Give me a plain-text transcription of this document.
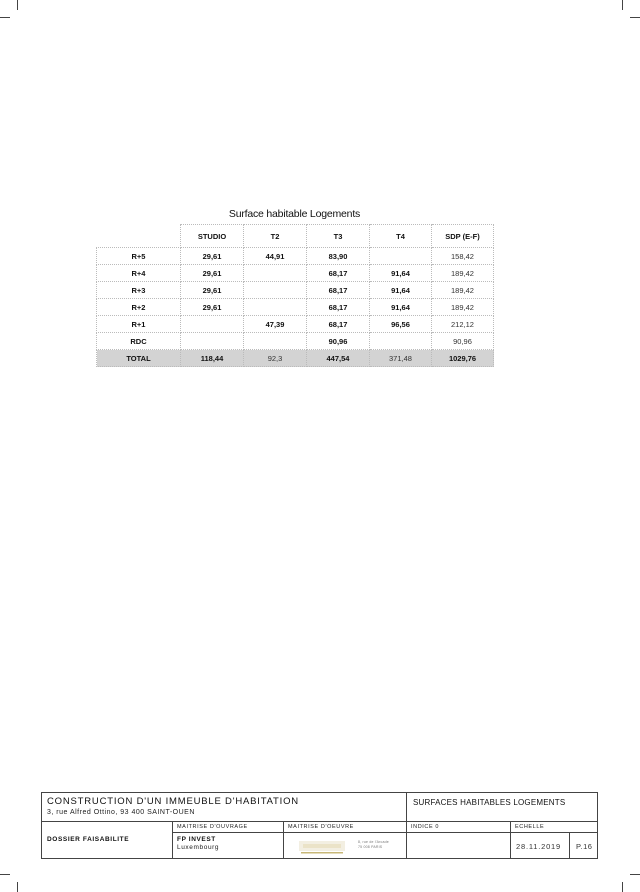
Surface habitable Logements
	STUDIO	T2	T3	T4	SDP (E-F)
R+5	29,61	44,91	83,90		158,42
R+4	29,61		68,17	91,64	189,42
R+3	29,61		68,17	91,64	189,42
R+2	29,61		68,17	91,64	189,42
R+1		47,39	68,17	96,56	212,12
RDC			90,96		90,96
TOTAL	118,44	92,3	447,54	371,48	1029,76
CONSTRUCTION D'UN IMMEUBLE D'HABITATION
3, rue Alfred Ottino, 93 400 SAINT-OUEN
SURFACES HABITABLES LOGEMENTS
MAITRISE D'OUVRAGE	MAITRISE D'OEUVRE	INDICE 0	ECHELLE
DOSSIER FAISABILITE	FP INVEST
Luxembourg
8, rue de l'Arcade
75 008 PARIS	28.11.2019 P.16
